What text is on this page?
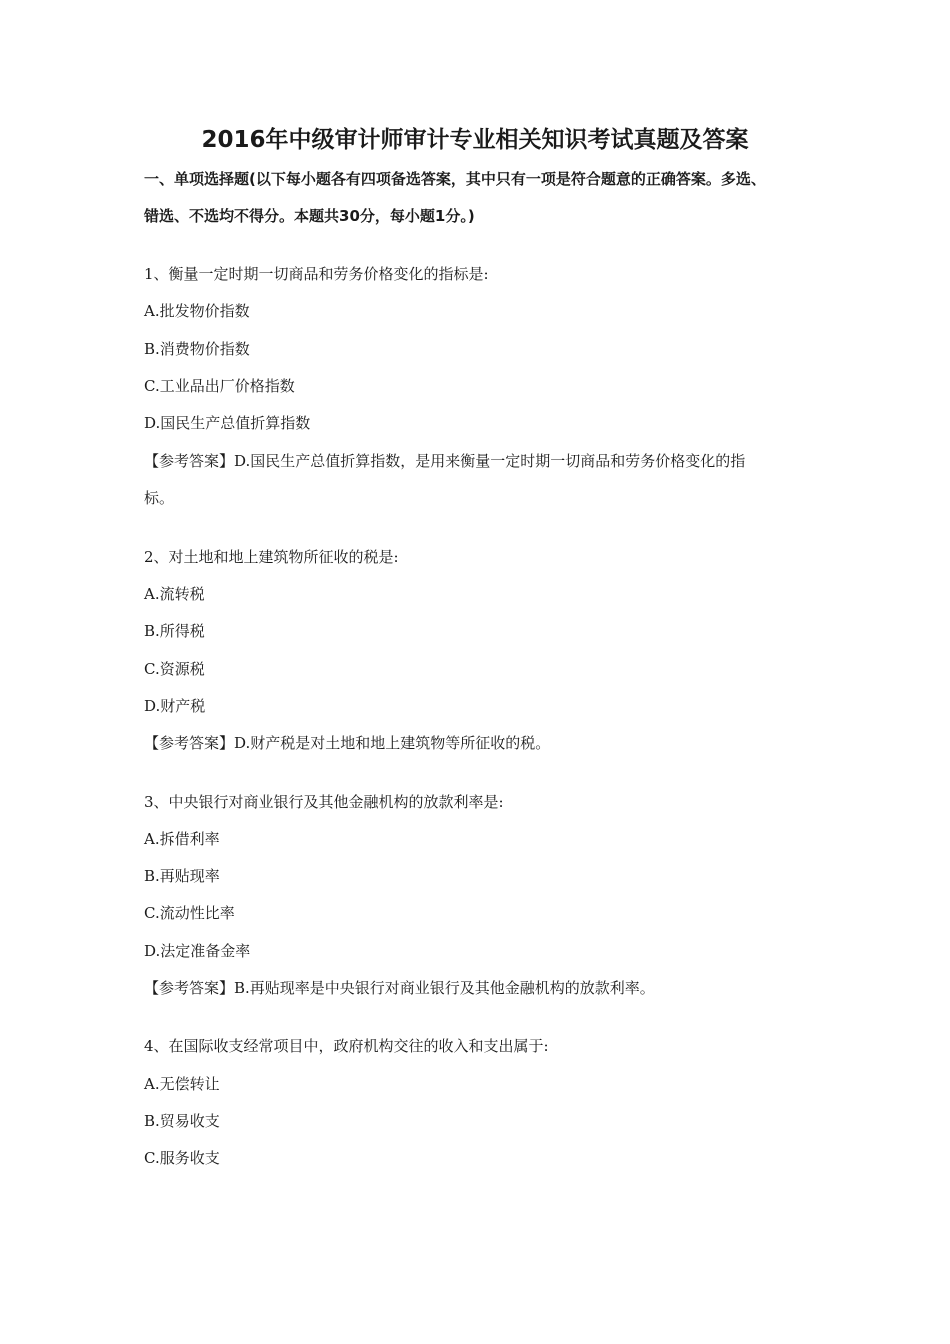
2016年中级审计师审计专业相关知识考试真题及答案

一、单项选择题(以下每小题各有四项备选答案，其中只有一项是符合题意的正确答案。多选、

错选、不选均不得分。本题共30分，每小题1分。)

1、衡量一定时期一切商品和劳务价格变化的指标是:

A.批发物价指数

B.消费物价指数

C.工业品出厂价格指数

D.国民生产总值折算指数

【参考答案】D.国民生产总值折算指数，是用来衡量一定时期一切商品和劳务价格变化的指

标。

2、对土地和地上建筑物所征收的税是:

A.流转税

B.所得税

C.资源税

D.财产税

【参考答案】D.财产税是对土地和地上建筑物等所征收的税。

3、中央银行对商业银行及其他金融机构的放款利率是:

A.拆借利率

B.再贴现率

C.流动性比率

D.法定准备金率

【参考答案】B.再贴现率是中央银行对商业银行及其他金融机构的放款利率。

4、在国际收支经常项目中，政府机构交往的收入和支出属于:

A.无偿转让

B.贸易收支

C.服务收支
